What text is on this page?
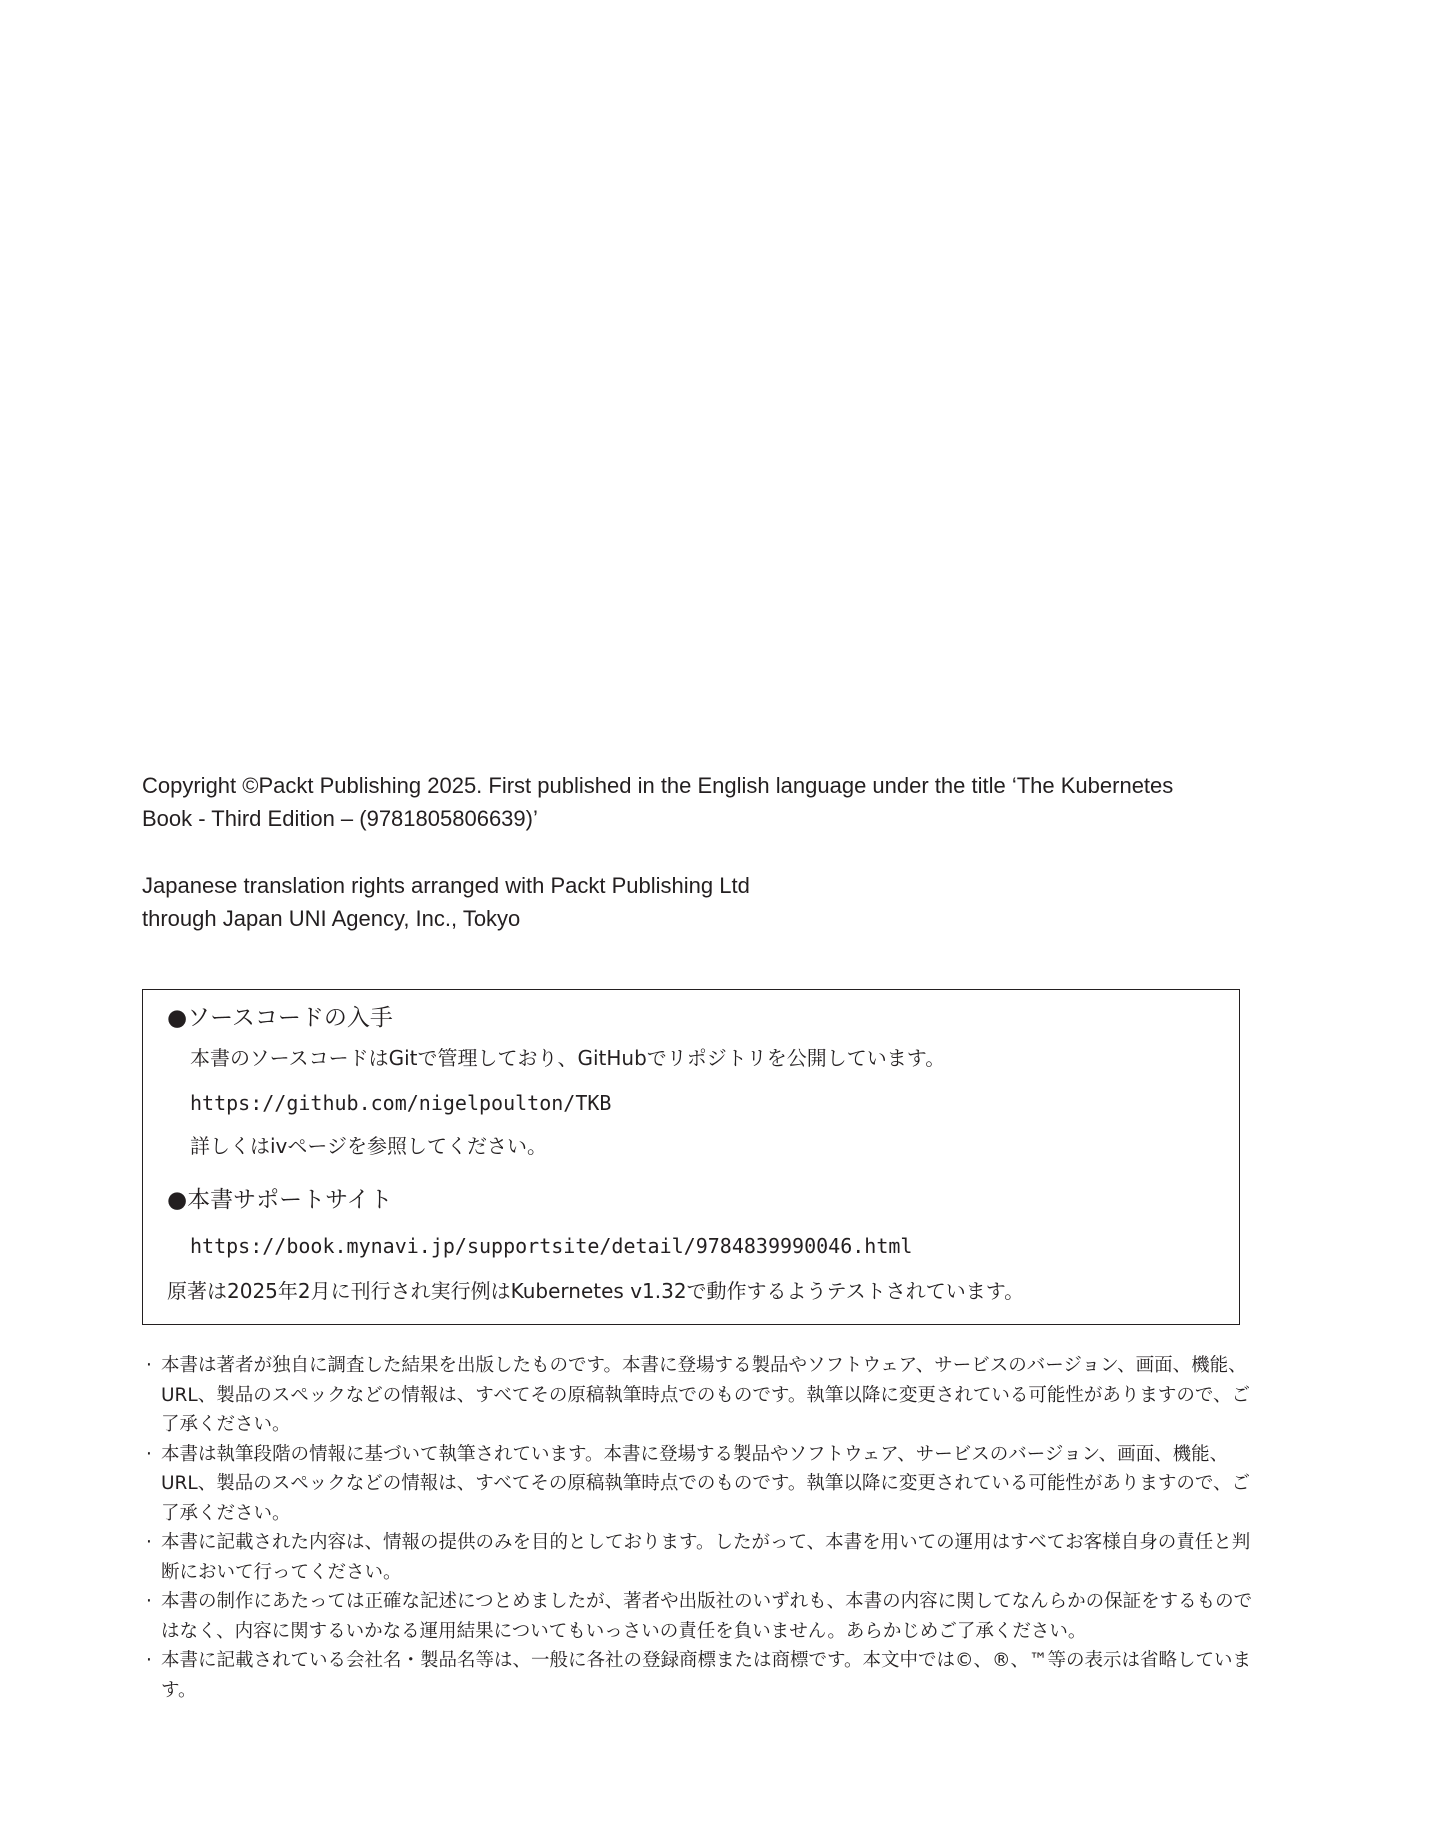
Copyright ©Packt Publishing 2025. First published in the English language under the title ‘The Kubernetes

Book - Third Edition – (9781805806639)’

Japanese translation rights arranged with Packt Publishing Ltd

through Japan UNI Agency, Inc., Tokyo

●ソースコードの入手
本書のソースコードはGitで管理しており、GitHubでリポジトリを公開しています。
https://github.com/nigelpoulton/TKB
詳しくはivページを参照してください。
●本書サポートサイト
https://book.mynavi.jp/supportsite/detail/9784839990046.html
原著は2025年2月に刊行され実行例はKubernetes v1.32で動作するようテストされています。
· 本書は著者が独自に調査した結果を出版したものです。本書に登場する製品やソフトウェア、サービスのバージョン、画面、機能、URL、製品のスペックなどの情報は、すべてその原稿執筆時点でのものです。執筆以降に変更されている可能性がありますので、ご了承ください。
· 本書は執筆段階の情報に基づいて執筆されています。本書に登場する製品やソフトウェア、サービスのバージョン、画面、機能、URL、製品のスペックなどの情報は、すべてその原稿執筆時点でのものです。執筆以降に変更されている可能性がありますので、ご了承ください。
· 本書に記載された内容は、情報の提供のみを目的としております。したがって、本書を用いての運用はすべてお客様自身の責任と判断において行ってください。
· 本書の制作にあたっては正確な記述につとめましたが、著者や出版社のいずれも、本書の内容に関してなんらかの保証をするものではなく、内容に関するいかなる運用結果についてもいっさいの責任を負いません。あらかじめご了承ください。
· 本書に記載されている会社名・製品名等は、一般に各社の登録商標または商標です。本文中では©、®、™等の表示は省略しています。
